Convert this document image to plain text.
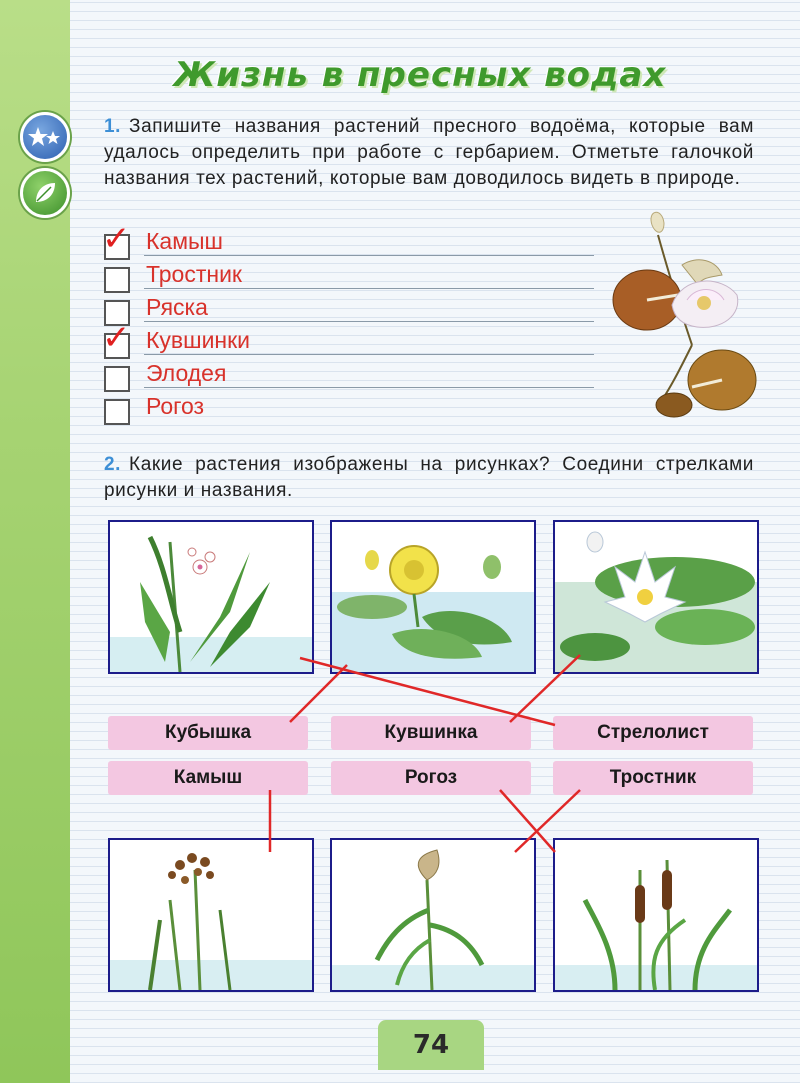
Жизнь в пресных водах
1. Запишите названия растений пресного водоёма, которые вам удалось определить при работе с гербарием. Отметьте галочкой названия тех растений, которые вам доводилось видеть в природе.
✓ Камыш
Тростник
Ряска
✓ Кувшинки
Элодея
Рогоз
2. Какие растения изображены на рисунках? Соедини стрелками рисунки и названия.
Кубышка	Кувшинка	Стрелолист
Камыш	Рогоз	Тростник
74
